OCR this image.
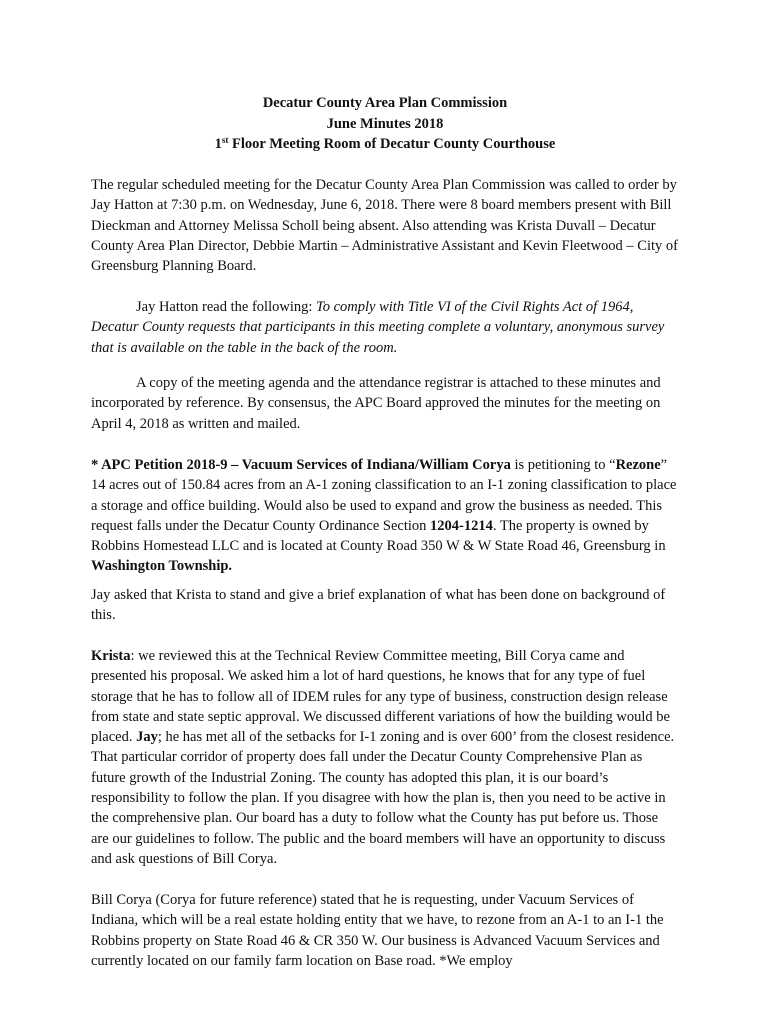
Decatur County Area Plan Commission
June Minutes 2018
1st Floor Meeting Room of Decatur County Courthouse

The regular scheduled meeting for the Decatur County Area Plan Commission was called to order by Jay Hatton at 7:30 p.m. on Wednesday, June 6, 2018. There were 8 board members present with Bill Dieckman and Attorney Melissa Scholl being absent. Also attending was Krista Duvall – Decatur County Area Plan Director, Debbie Martin – Administrative Assistant and Kevin Fleetwood – City of Greensburg Planning Board.

Jay Hatton read the following: To comply with Title VI of the Civil Rights Act of 1964, Decatur County requests that participants in this meeting complete a voluntary, anonymous survey that is available on the table in the back of the room.

A copy of the meeting agenda and the attendance registrar is attached to these minutes and incorporated by reference. By consensus, the APC Board approved the minutes for the meeting on April 4, 2018 as written and mailed.

* APC Petition 2018-9 – Vacuum Services of Indiana/William Corya is petitioning to “Rezone” 14 acres out of 150.84 acres from an A-1 zoning classification to an I-1 zoning classification to place a storage and office building. Would also be used to expand and grow the business as needed. This request falls under the Decatur County Ordinance Section 1204-1214. The property is owned by Robbins Homestead LLC and is located at County Road 350 W & W State Road 46, Greensburg in Washington Township.

Jay asked that Krista to stand and give a brief explanation of what has been done on background of this.

Krista: we reviewed this at the Technical Review Committee meeting, Bill Corya came and presented his proposal. We asked him a lot of hard questions, he knows that for any type of fuel storage that he has to follow all of IDEM rules for any type of business, construction design release from state and state septic approval. We discussed different variations of how the building would be placed. Jay; he has met all of the setbacks for I-1 zoning and is over 600’ from the closest residence. That particular corridor of property does fall under the Decatur County Comprehensive Plan as future growth of the Industrial Zoning. The county has adopted this plan, it is our board’s responsibility to follow the plan. If you disagree with how the plan is, then you need to be active in the comprehensive plan. Our board has a duty to follow what the County has put before us. Those are our guidelines to follow. The public and the board members will have an opportunity to discuss and ask questions of Bill Corya.

Bill Corya (Corya for future reference) stated that he is requesting, under Vacuum Services of Indiana, which will be a real estate holding entity that we have, to rezone from an A-1 to an I-1 the Robbins property on State Road 46 & CR 350 W. Our business is Advanced Vacuum Services and currently located on our family farm location on Base road. *We employ
